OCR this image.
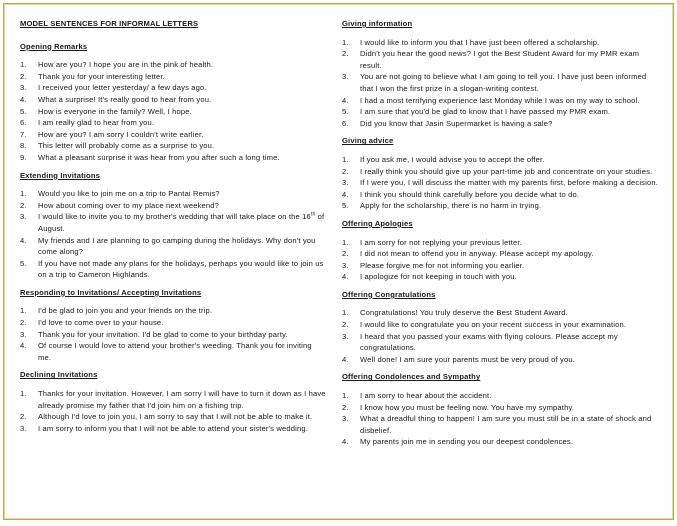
MODEL SENTENCES FOR INFORMAL LETTERS

Opening Remarks

1. How are you? I hope you are in the pink of health.
2. Thank you for your interesting letter.
3. I received your letter yesterday/ a few days ago.
4. What a surprise! It's really good to hear from you.
5. How is everyone in the family? Well, I hope.
6. I am really glad to hear from you.
7. How are you? I am sorry I couldn't write earlier.
8. This letter will probably come as a surprise to you.
9. What a pleasant surprise it was hear from you after such a long time.

Extending Invitations

1. Would you like to join me on a trip to Pantai Remis?
2. How about coming over to my place next weekend?
3. I would like to invite you to my brother's wedding that will take place on the 16th of August.
4. My friends and I are planning to go camping during the holidays. Why don't you come along?
5. If you have not made any plans for the holidays, perhaps you would like to join us on a trip to Cameron Highlands.

Responding to Invitations/ Accepting Invitations

1. I'd be glad to join you and your friends on the trip.
2. I'd love to come over to your house.
3. Thank you for your invitation. I'd be glad to come to your birthday party.
4. Of course I would love to attend your brother's weeding. Thank you for inviting me.

Declining Invitations

1. Thanks for your invitation. However, I am sorry I will have to turn it down as I have already promise my father that I'd join him on a fishing trip.
2. Although I'd love to join you, I am sorry to say that I will not be able to make it.
3. I am sorry to inform you that I will not be able to attend your sister's wedding.

Giving information

1. I would like to inform you that I have just been offered a scholarship.
2. Didn't you hear the good news? I got the Best Student Award for my PMR exam result.
3. You are not going to believe what I am going to tell you. I have just been informed that I won the first prize in a slogan-writing contest.
4. I had a most terrifying experience last Monday while I was on my way to school.
5. I am sure that you'd be glad to know that I have passed my PMR exam.
6. Did you know that Jasin Supermarket is having a sale?

Giving advice

1. If you ask me, I would advise you to accept the offer.
2. I really think you should give up your part-time job and concentrate on your studies.
3. If I were you, I will discuss the matter with my parents first, before making a decision.
4. I think you should think carefully before you decide what to do.
5. Apply for the scholarship, there is no harm in trying.

Offering Apologies

1. I am sorry for not replying your previous letter.
2. I did not mean to offend you in anyway. Please accept my apology.
3. Please forgive me for not informing you earlier.
4. I apologize for not keeping in touch with you.

Offering Congratulations

1. Congratulations! You truly deserve the Best Student Award.
2. I would like to congratulate you on your recent success in your examination.
3. I heard that you passed your exams with flying colours. Please accept my congratulations.
4. Well done! I am sure your parents must be very proud of you.

Offering Condolences and Sympathy

1. I am sorry to hear about the accident.
2. I know how you must be feeling now. You have my sympathy.
3. What a dreadful thing to happen! I am sure you must still be in a state of shock and disbelief.
4. My parents join me in sending you our deepest condolences.
